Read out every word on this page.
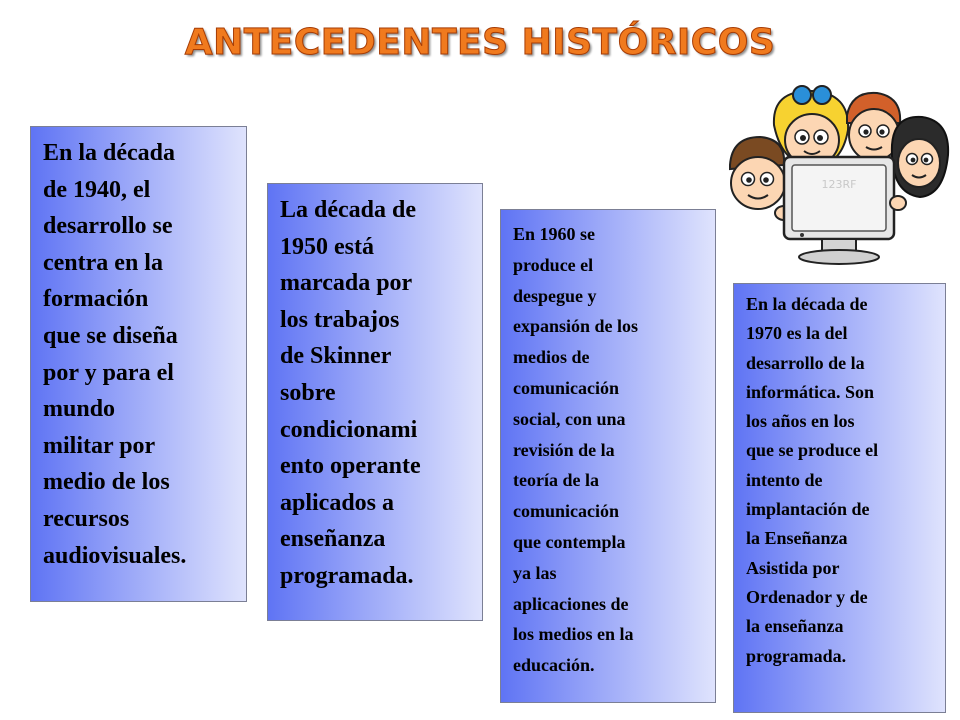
ANTECEDENTES HISTÓRICOS

En la década
de 1940, el
desarrollo se
centra en la
formación
que se diseña
por y para el
mundo
militar por
medio de los
recursos
audiovisuales.

La década de
1950 está
marcada por
los trabajos
de Skinner
sobre
condicionami
ento operante
aplicados a
enseñanza
programada.

En 1960 se
produce el
despegue y
expansión de los
medios de
comunicación
social, con una
revisión de la
teoría de la
comunicación
que contempla
ya las
aplicaciones de
los medios en la
educación.

En la década de
1970 es la del
desarrollo de la
informática. Son
los años en los
que se produce el
intento de
implantación de
la Enseñanza
Asistida por
Ordenador y de
la enseñanza
programada.

123RF
